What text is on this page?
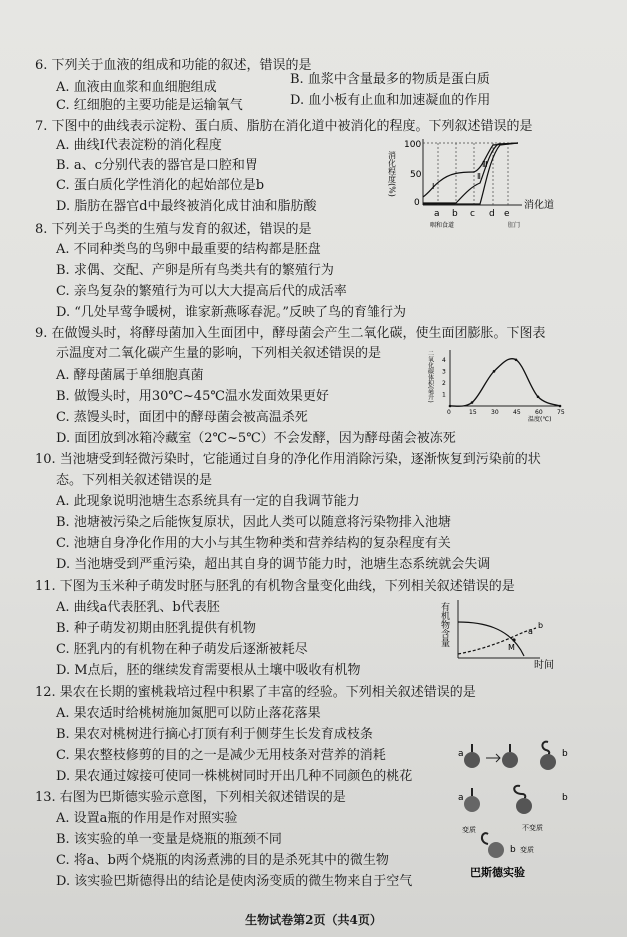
6. 下列关于血液的组成和功能的叙述，错误的是
B. 血浆中含量最多的物质是蛋白质
A. 血液由血浆和血细胞组成
D. 血小板有止血和加速凝血的作用
C. 红细胞的主要功能是运输氧气
7. 下图中的曲线表示淀粉、蛋白质、脂肪在消化道中被消化的程度。下列叙述错误的是
A. 曲线Ⅰ代表淀粉的消化程度
B. a、c分别代表的器官是口腔和胃
C. 蛋白质化学性消化的起始部位是b
D. 脂肪在器官d中最终被消化成甘油和脂肪酸
消化程度(%)
100
50
0
Ⅰ
Ⅱ
Ⅲ
a b c d e
消化道
咽和食道	肛门
8. 下列关于鸟类的生殖与发育的叙述，错误的是
A. 不同种类鸟的鸟卵中最重要的结构都是胚盘
B. 求偶、交配、产卵是所有鸟类共有的繁殖行为
C. 亲鸟复杂的繁殖行为可以大大提高后代的成活率
D. “几处早莺争暖树，谁家新燕啄春泥。”反映了鸟的育雏行为
9. 在做馒头时，将酵母菌加入生面团中，酵母菌会产生二氧化碳，使生面团膨胀。下图表
示温度对二氧化碳产生量的影响，下列相关叙述错误的是
A. 酵母菌属于单细胞真菌
B. 做馒头时，用30℃~45℃温水发面效果更好
C. 蒸馒头时，面团中的酵母菌会被高温杀死
D. 面团放到冰箱冷藏室（2℃~5℃）不会发酵，因为酵母菌会被冻死
二氧化碳体积(毫升) 1
2
3
4
0	15 30 45 60 75
温度(℃)
10. 当池塘受到轻微污染时，它能通过自身的净化作用消除污染，逐渐恢复到污染前的状
态。下列相关叙述错误的是
A. 此现象说明池塘生态系统具有一定的自我调节能力
B. 池塘被污染之后能恢复原状，因此人类可以随意将污染物排入池塘
C. 池塘自身净化作用的大小与其生物种类和营养结构的复杂程度有关
D. 当池塘受到严重污染，超出其自身的调节能力时，池塘生态系统就会失调
11. 下图为玉米种子萌发时胚与胚乳的有机物含量变化曲线，下列相关叙述错误的是
A. 曲线a代表胚乳、b代表胚
B. 种子萌发初期由胚乳提供有机物
C. 胚乳内的有机物在种子萌发后逐渐被耗尽
D. M点后，胚的继续发育需要根从土壤中吸收有机物
有机物含量
M
a
b
时间
12. 果农在长期的蜜桃栽培过程中积累了丰富的经验。下列相关叙述错误的是
A. 果农适时给桃树施加氮肥可以防止落花落果
B. 果农对桃树进行摘心打顶有利于侧芽生长发育成枝条
C. 果农整枝修剪的目的之一是减少无用枝条对营养的消耗
D. 果农通过嫁接可使同一株桃树同时开出几种不同颜色的桃花
13. 右图为巴斯德实验示意图，下列相关叙述错误的是
A. 设置a瓶的作用是作对照实验
B. 该实验的单一变量是烧瓶的瓶颈不同
C. 将a、b两个烧瓶的肉汤煮沸的目的是杀死其中的微生物
D. 该实验巴斯德得出的结论是使肉汤变质的微生物来自于空气
a	b
a	b
变质	不变质
b 变质
巴斯德实验
生物试卷第2页（共4页）
